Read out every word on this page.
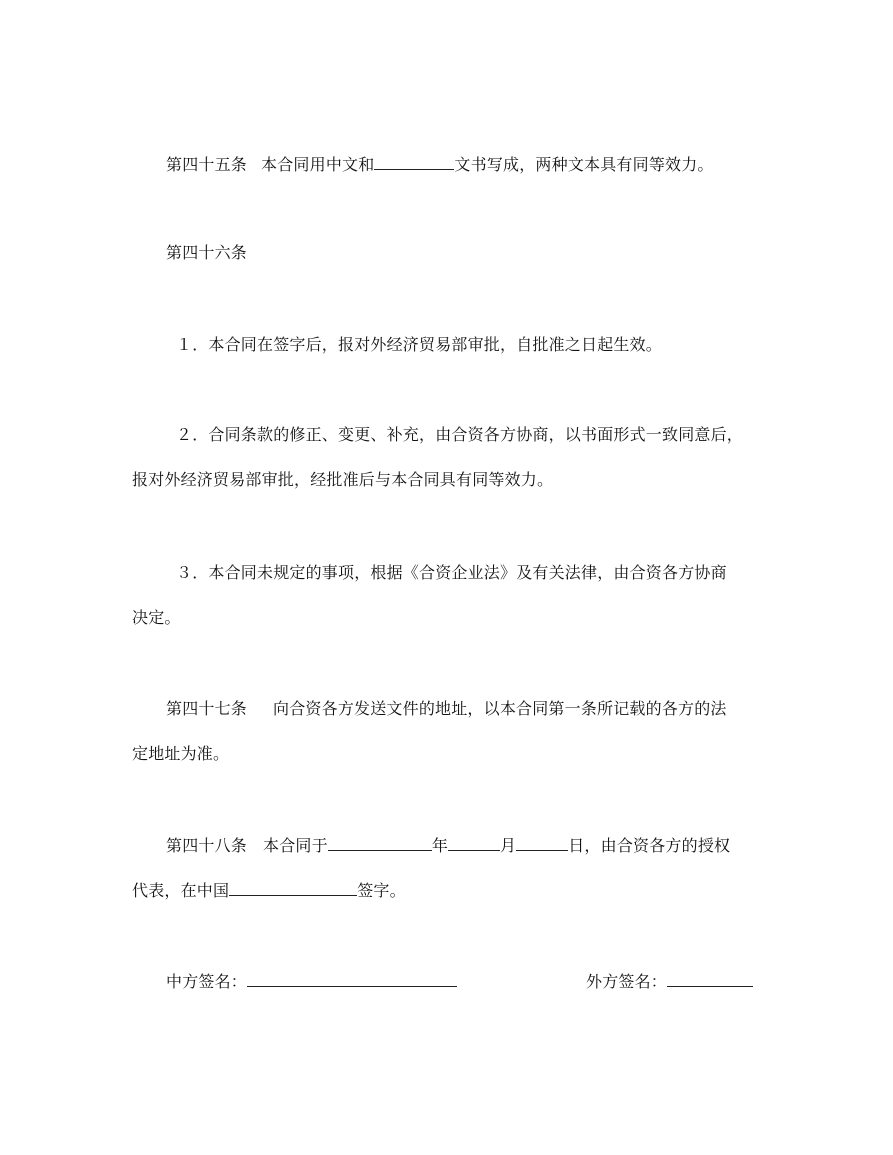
第四十五条 本合同用中文和	文书写成，两种文本具有同等效力。
第四十六条
１．本合同在签字后，报对外经济贸易部审批，自批准之日起生效。
２．合同条款的修正、变更、补充，由合资各方协商，以书面形式一致同意后，
报对外经济贸易部审批，经批准后与本合同具有同等效力。
３．本合同未规定的事项，根据《合资企业法》及有关法律，由合资各方协商
决定。
第四十七条 向合资各方发送文件的地址，以本合同第一条所记载的各方的法
定地址为准。
第四十八条 本合同于	年	月	日，由合资各方的授权
代表，在中国	签字。
中方签名：	外方签名：
